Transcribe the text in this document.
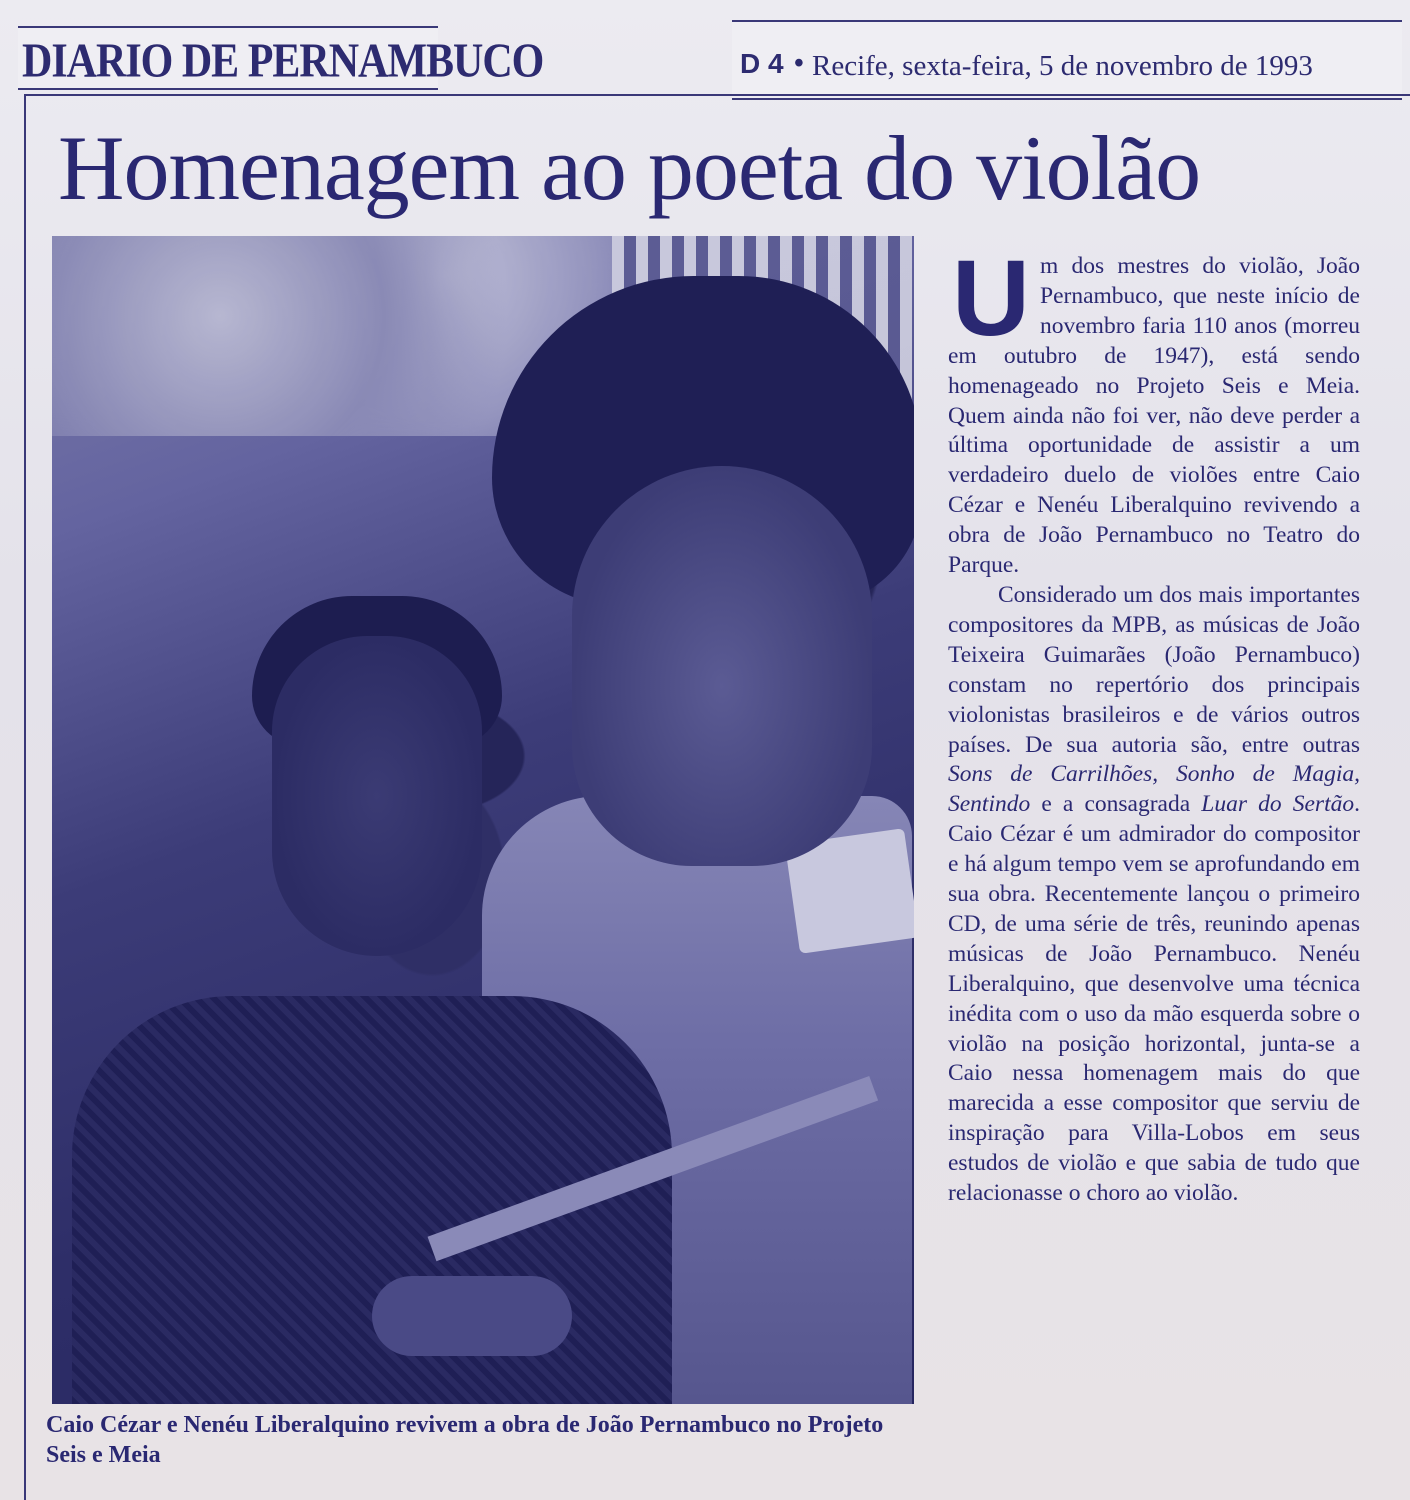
DIARIO DE PERNAMBUCO	D 4 • Recife, sexta-feira, 5 de novembro de 1993
Homenagem ao poeta do violão
Caio Cézar e Nenéu Liberalquino revivem a obra de João Pernambuco no Projeto Seis e Meia

Um dos mestres do violão, João Pernambuco, que neste início de novembro faria 110 anos (morreu em outubro de 1947), está sendo homenageado no Projeto Seis e Meia. Quem ainda não foi ver, não deve perder a última oportunidade de assistir a um verdadeiro duelo de violões entre Caio Cézar e Nenéu Liberalquino revivendo a obra de João Pernambuco no Teatro do Parque.

Considerado um dos mais importantes compositores da MPB, as músicas de João Teixeira Guimarães (João Pernambuco) constam no repertório dos principais violonistas brasileiros e de vários outros países. De sua autoria são, entre outras Sons de Carrilhões, Sonho de Magia, Sentindo e a consagrada Luar do Sertão. Caio Cézar é um admirador do compositor e há algum tempo vem se aprofundando em sua obra. Recentemente lançou o primeiro CD, de uma série de três, reunindo apenas músicas de João Pernambuco. Nenéu Liberalquino, que desenvolve uma técnica inédita com o uso da mão esquerda sobre o violão na posição horizontal, junta-se a Caio nessa homenagem mais do que marecida a esse compositor que serviu de inspiração para Villa-Lobos em seus estudos de violão e que sabia de tudo que relacionasse o choro ao violão.
